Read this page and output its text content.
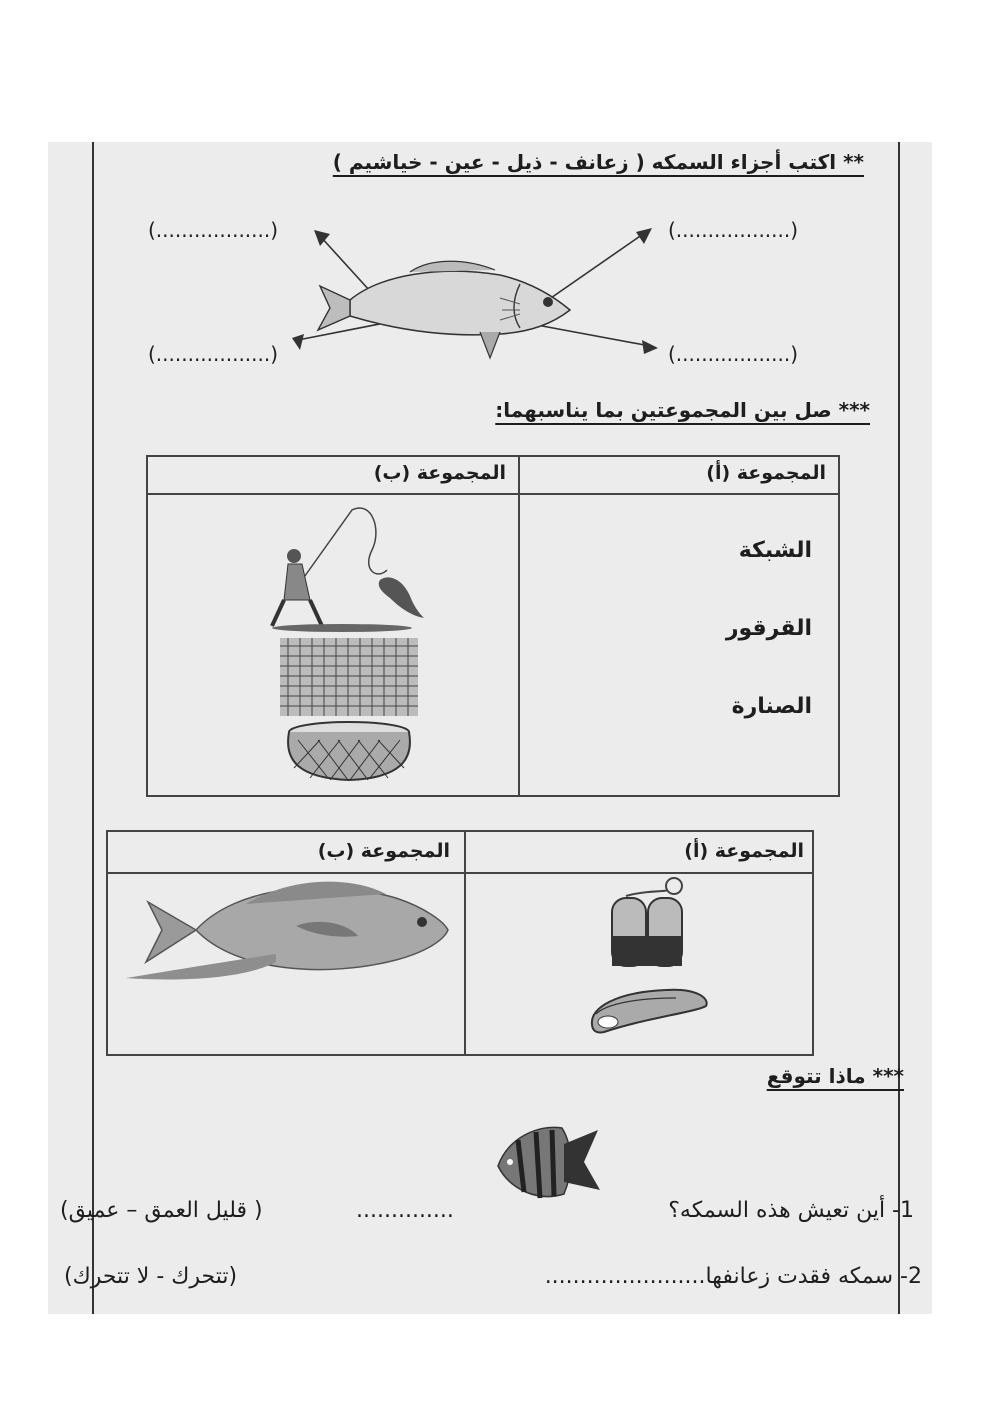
** اكتب أجزاء السمكه ( زعانف - ذيل - عين - خياشيم )
(..................)	(..................)
(..................)	(..................)
*** صل بين المجموعتين بما يناسبهما:
المجموعة (أ)
المجموعة (ب)
الشبكة
القرقور
الصنارة
المجموعة (أ)
المجموعة (ب)
*** ماذا تتوقع
1- أين تعيش هذه السمكه؟
..............
( قليل العمق – عميق)
2- سمكه فقدت زعانفها.......................
(تتحرك - لا تتحرك)
